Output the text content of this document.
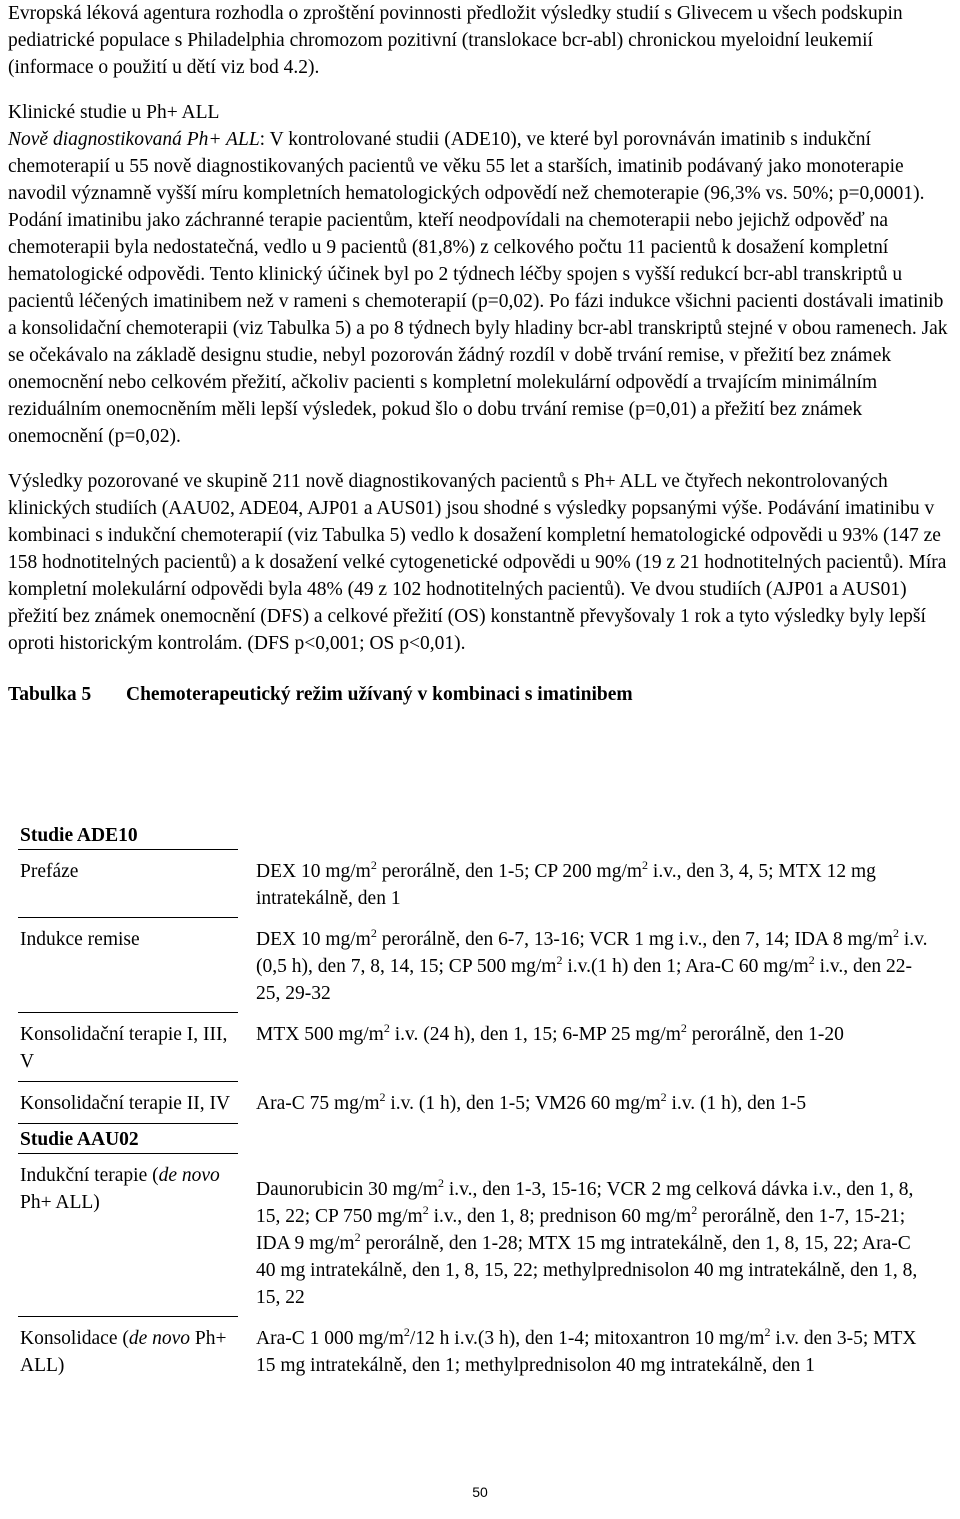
Evropská léková agentura rozhodla o zproštění povinnosti předložit výsledky studií s Glivecem u všech podskupin pediatrické populace s Philadelphia chromozom pozitivní (translokace bcr-abl) chronickou myeloidní leukemií (informace o použití u dětí viz bod 4.2).

Klinické studie u Ph+ ALL

Nově diagnostikovaná Ph+ ALL: V kontrolované studii (ADE10), ve které byl porovnáván imatinib s indukční chemoterapií u 55 nově diagnostikovaných pacientů ve věku 55 let a starších, imatinib podávaný jako monoterapie navodil významně vyšší míru kompletních hematologických odpovědí než chemoterapie (96,3% vs. 50%; p=0,0001). Podání imatinibu jako záchranné terapie pacientům, kteří neodpovídali na chemoterapii nebo jejichž odpověď na chemoterapii byla nedostatečná, vedlo u 9 pacientů (81,8%) z celkového počtu 11 pacientů k dosažení kompletní hematologické odpovědi. Tento klinický účinek byl po 2 týdnech léčby spojen s vyšší redukcí bcr-abl transkriptů u pacientů léčených imatinibem než v rameni s chemoterapií (p=0,02). Po fázi indukce všichni pacienti dostávali imatinib a konsolidační chemoterapii (viz Tabulka 5) a po 8 týdnech byly hladiny bcr-abl transkriptů stejné v obou ramenech. Jak se očekávalo na základě designu studie, nebyl pozorován žádný rozdíl v době trvání remise, v přežití bez známek onemocnění nebo celkovém přežití, ačkoliv pacienti s kompletní molekulární odpovědí a trvajícím minimálním reziduálním onemocněním měli lepší výsledek, pokud šlo o dobu trvání remise (p=0,01) a přežití bez známek onemocnění (p=0,02).

Výsledky pozorované ve skupině 211 nově diagnostikovaných pacientů s Ph+ ALL ve čtyřech nekontrolovaných klinických studiích (AAU02, ADE04, AJP01 a AUS01) jsou shodné s výsledky popsanými výše. Podávání imatinibu v kombinaci s indukční chemoterapií (viz Tabulka 5) vedlo k dosažení kompletní hematologické odpovědi u 93% (147 ze 158 hodnotitelných pacientů) a k dosažení velké cytogenetické odpovědi u 90% (19 z 21 hodnotitelných pacientů). Míra kompletní molekulární odpovědi byla 48% (49 z 102 hodnotitelných pacientů). Ve dvou studiích (AJP01 a AUS01) přežití bez známek onemocnění (DFS) a celkové přežití (OS) konstantně převyšovaly 1 rok a tyto výsledky byly lepší oproti historickým kontrolám. (DFS p<0,001; OS p<0,01).

Tabulka 5 Chemoterapeutický režim užívaný v kombinaci s imatinibem

Studie ADE10	
Prefáze	DEX 10 $mg/m^2$ perorálně, den 1-5; CP 200 $mg/m^2$ i.v., den 3, 4, 5; MTX 12 mg intratekálně, den 1
Indukce remise	DEX 10 $mg/m^2$ perorálně, den 6-7, 13-16; VCR 1 mg i.v., den 7, 14; IDA 8 $mg/m^2$ i.v. (0,5 h), den 7, 8, 14, 15; CP 500 $mg/m^2$ i.v.(1 h) den 1; Ara-C 60 $mg/m^2$ i.v., den 22-25, 29-32
Konsolidační terapie I, III, V	MTX 500 $mg/m^2$ i.v. (24 h), den 1, 15; 6-MP 25 $mg/m^2$ perorálně, den 1-20
Konsolidační terapie II, IV	Ara-C 75 $mg/m^2$ i.v. (1 h), den 1-5; VM26 60 $mg/m^2$ i.v. (1 h), den 1-5
Studie AAU02	
Indukční terapie (de novo Ph+ ALL)	Daunorubicin 30 $mg/m^2$ i.v., den 1-3, 15-16; VCR 2 mg celková dávka i.v., den 1, 8, 15, 22; CP 750 $mg/m^2$ i.v., den 1, 8; prednison 60 $mg/m^2$ perorálně, den 1-7, 15-21; IDA 9 $mg/m^2$ perorálně, den 1-28; MTX 15 mg intratekálně, den 1, 8, 15, 22; Ara-C 40 mg intratekálně, den 1, 8, 15, 22; methylprednisolon 40 mg intratekálně, den 1, 8, 15, 22
Konsolidace (de novo Ph+ ALL)	Ara-C 1 000 $mg/m^2/12$ h i.v.(3 h), den 1-4; mitoxantron 10 $mg/m^2$ i.v. den 3-5; MTX 15 mg intratekálně, den 1; methylprednisolon 40 mg intratekálně, den 1
50
